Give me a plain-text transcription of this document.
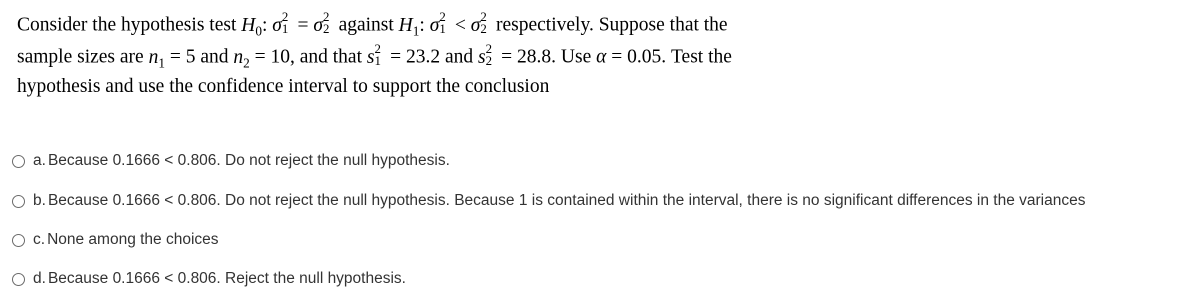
Consider the hypothesis test $H_0$: σ 2
1 = σ 2
2 against $H_1$: σ 2
1 < σ 2
2 respectively. Suppose that the
sample sizes are $n_1 = 5$ and $n_2 = 10$, and that s 2
1 = 23.2 and s 2
2 = 28.8. Use α = 0.05. Test the
hypothesis and use the confidence interval to support the conclusion
a. Because 0.1666 < 0.806. Do not reject the null hypothesis.
b. Because 0.1666 < 0.806. Do not reject the null hypothesis. Because 1 is contained within the interval, there is no significant differences in the variances
c. None among the choices
d. Because 0.1666 < 0.806. Reject the null hypothesis.
